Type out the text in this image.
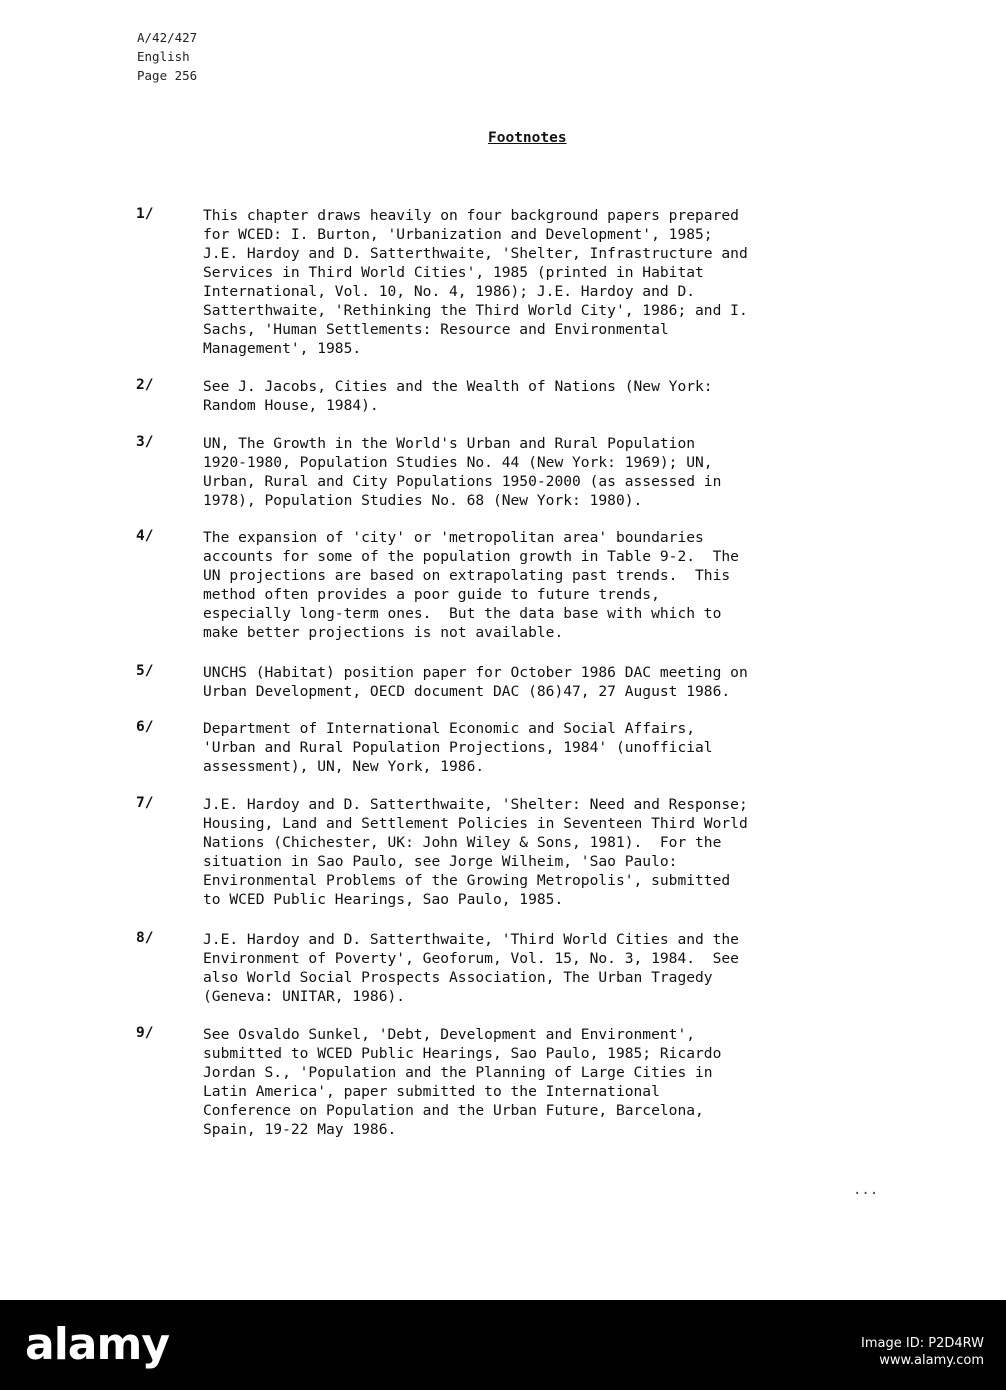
A/42/427
English
Page 256
Footnotes
1/	This chapter draws heavily on four background papers prepared
for WCED: I. Burton, 'Urbanization and Development', 1985;
J.E. Hardoy and D. Satterthwaite, 'Shelter, Infrastructure and
Services in Third World Cities', 1985 (printed in Habitat
International, Vol. 10, No. 4, 1986); J.E. Hardoy and D.
Satterthwaite, 'Rethinking the Third World City', 1986; and I.
Sachs, 'Human Settlements: Resource and Environmental
Management', 1985.
2/	See J. Jacobs, Cities and the Wealth of Nations (New York:
Random House, 1984).
3/	UN, The Growth in the World's Urban and Rural Population
1920-1980, Population Studies No. 44 (New York: 1969); UN,
Urban, Rural and City Populations 1950-2000 (as assessed in
1978), Population Studies No. 68 (New York: 1980).
4/	The expansion of 'city' or 'metropolitan area' boundaries
accounts for some of the population growth in Table 9-2.  The
UN projections are based on extrapolating past trends.  This
method often provides a poor guide to future trends,
especially long-term ones.  But the data base with which to
make better projections is not available.
5/	UNCHS (Habitat) position paper for October 1986 DAC meeting on
Urban Development, OECD document DAC (86)47, 27 August 1986.
6/	Department of International Economic and Social Affairs,
'Urban and Rural Population Projections, 1984' (unofficial
assessment), UN, New York, 1986.
7/	J.E. Hardoy and D. Satterthwaite, 'Shelter: Need and Response;
Housing, Land and Settlement Policies in Seventeen Third World
Nations (Chichester, UK: John Wiley & Sons, 1981).  For the
situation in Sao Paulo, see Jorge Wilheim, 'Sao Paulo:
Environmental Problems of the Growing Metropolis', submitted
to WCED Public Hearings, Sao Paulo, 1985.
8/	J.E. Hardoy and D. Satterthwaite, 'Third World Cities and the
Environment of Poverty', Geoforum, Vol. 15, No. 3, 1984.  See
also World Social Prospects Association, The Urban Tragedy
(Geneva: UNITAR, 1986).
9/	See Osvaldo Sunkel, 'Debt, Development and Environment',
submitted to WCED Public Hearings, Sao Paulo, 1985; Ricardo
Jordan S., 'Population and the Planning of Large Cities in
Latin America', paper submitted to the International
Conference on Population and the Urban Future, Barcelona,
Spain, 19-22 May 1986.
...
alamy	Image ID: P2D4RW
www.alamy.com
